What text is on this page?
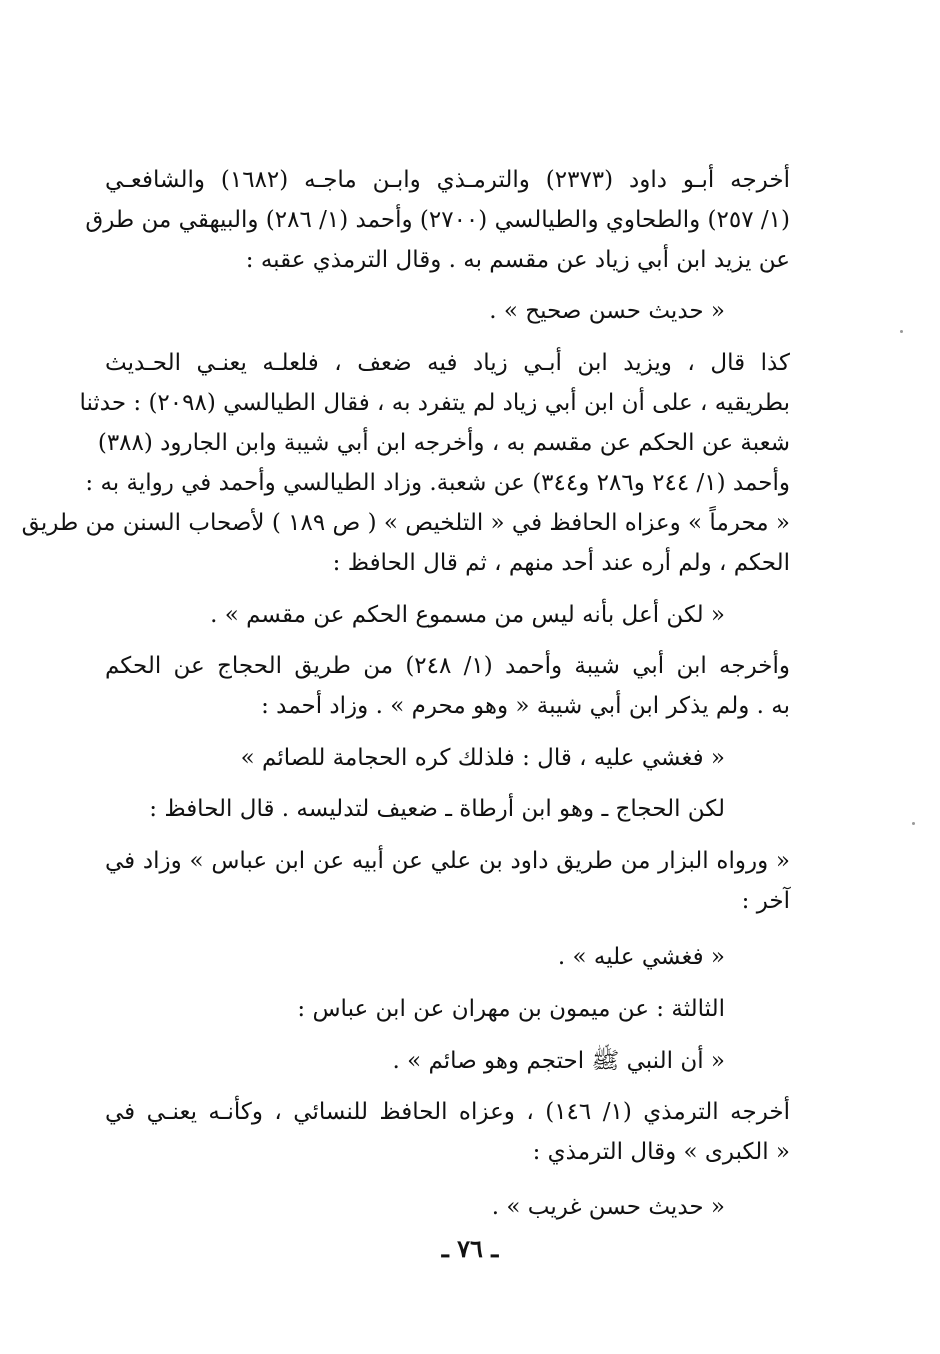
أخرجه أبـو داود (٢٣٧٣) والترمـذي وابـن ماجـه (١٦٨٢) والشافعـي
(١/ ٢٥٧) والطحاوي والطيالسي (٢٧٠٠) وأحمد (١/ ٢٨٦) والبيهقي من طرق
عن يزيد ابن أبي زياد عن مقسم به . وقال الترمذي عقبه :
« حديث حسن صحيح » .
كذا قال ، ويزيد ابن أبـي زياد فيه ضعف ، فلعلـه يعنـي الحـديث
بطريقيه ، على أن ابن أبي زياد لم يتفرد به ، فقال الطيالسي (٢٠٩٨) : حدثنا
شعبة عن الحكم عن مقسم به ، وأخرجه ابن أبي شيبة وابن الجارود (٣٨٨)
وأحمد (١/ ٢٤٤ و٢٨٦ و٣٤٤) عن شعبة. وزاد الطيالسي وأحمد في رواية به :
« محرماً » وعزاه الحافظ في « التلخيص » ( ص ١٨٩ ) لأصحاب السنن من طريق
الحكم ، ولم أره عند أحد منهم ، ثم قال الحافظ :
« لكن أعل بأنه ليس من مسموع الحكم عن مقسم » .
وأخرجه ابن أبي شيبة وأحمد (١/ ٢٤٨) من طريق الحجاج عن الحكم
به . ولم يذكر ابن أبي شيبة « وهو محرم » . وزاد أحمد :
« فغشي عليه ، قال : فلذلك كره الحجامة للصائم »
لكن الحجاج ـ وهو ابن أرطاة ـ ضعيف لتدليسه . قال الحافظ :
« ورواه البزار من طريق داود بن علي عن أبيه عن ابن عباس » وزاد في
آخر :
« فغشي عليه » .
الثالثة : عن ميمون بن مهران عن ابن عباس :
« أن النبي ﷺ احتجم وهو صائم » .
أخرجه الترمذي (١/ ١٤٦) ، وعزاه الحافظ للنسائي ، وكأنـه يعنـي في
« الكبرى » وقال الترمذي :
« حديث حسن غريب » .
ـ ٧٦ ـ
